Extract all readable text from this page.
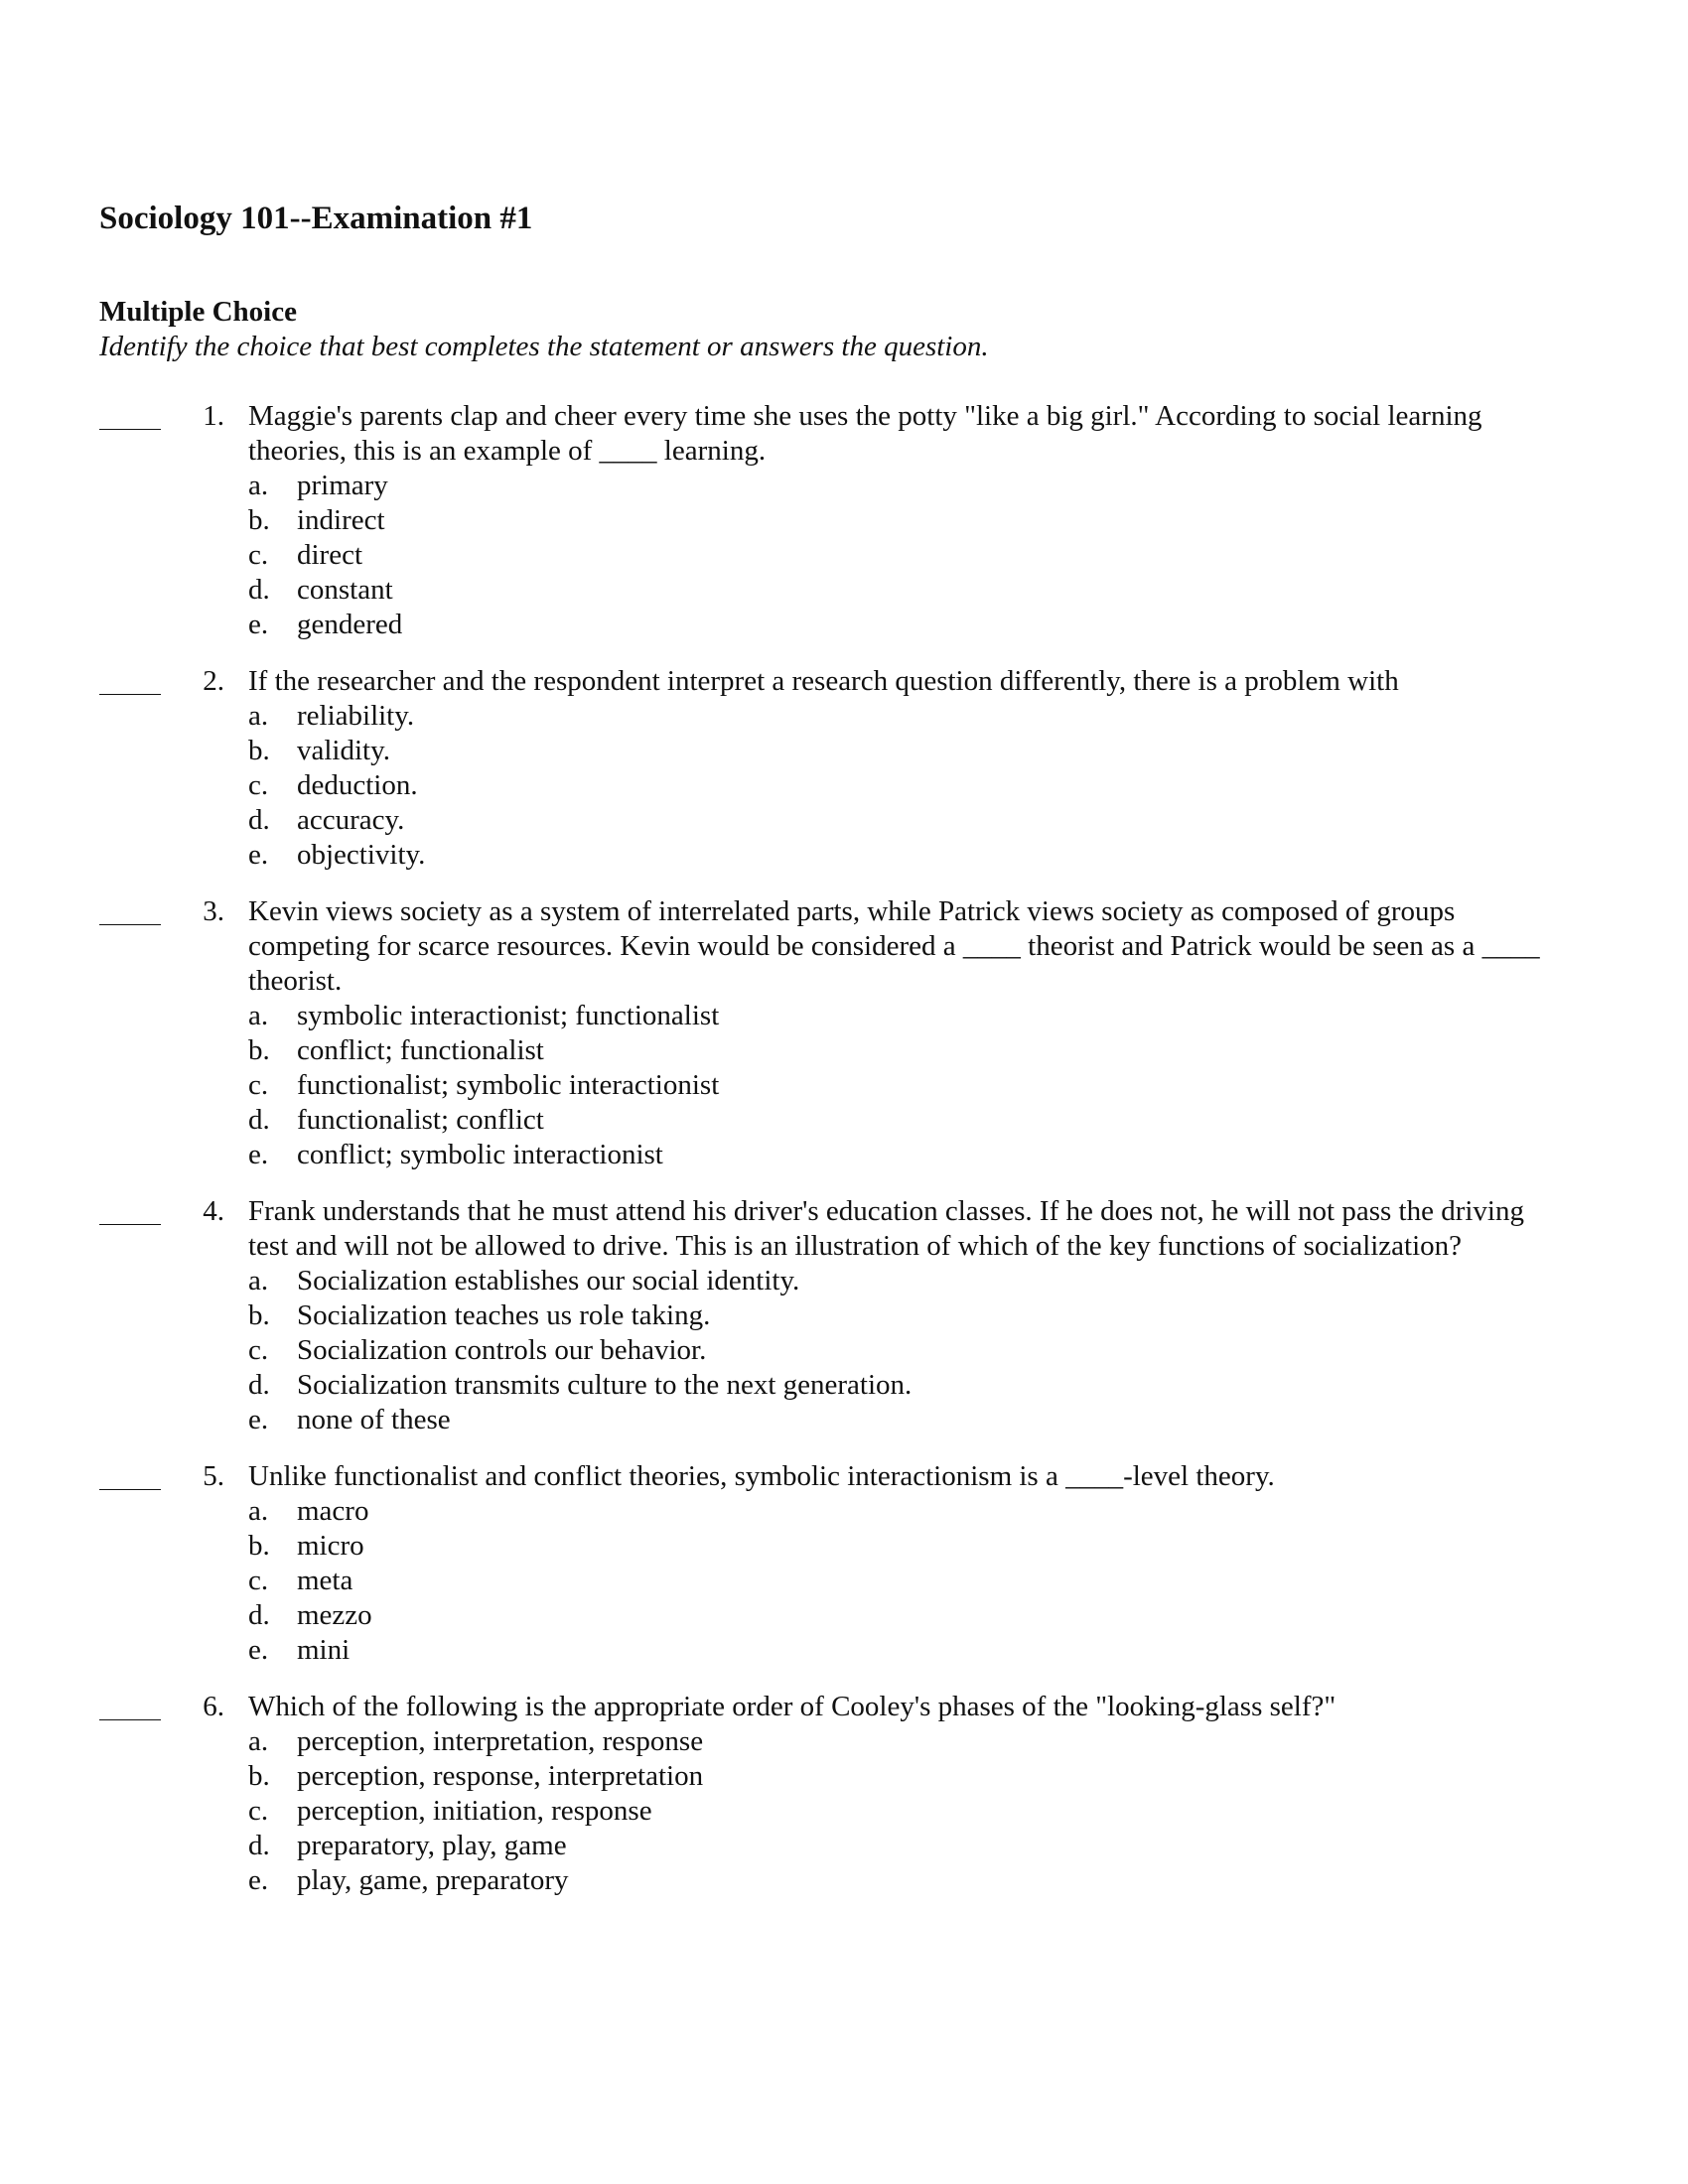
Sociology 101--Examination #1
Multiple Choice
Identify the choice that best completes the statement or answers the question.
1. Maggie's parents clap and cheer every time she uses the potty "like a big girl." According to social learning theories, this is an example of ____ learning.
a. primary
b. indirect
c. direct
d. constant
e. gendered
2. If the researcher and the respondent interpret a research question differently, there is a problem with
a. reliability.
b. validity.
c. deduction.
d. accuracy.
e. objectivity.
3. Kevin views society as a system of interrelated parts, while Patrick views society as composed of groups competing for scarce resources. Kevin would be considered a ____ theorist and Patrick would be seen as a ____ theorist.
a. symbolic interactionist; functionalist
b. conflict; functionalist
c. functionalist; symbolic interactionist
d. functionalist; conflict
e. conflict; symbolic interactionist
4. Frank understands that he must attend his driver's education classes. If he does not, he will not pass the driving test and will not be allowed to drive. This is an illustration of which of the key functions of socialization?
a. Socialization establishes our social identity.
b. Socialization teaches us role taking.
c. Socialization controls our behavior.
d. Socialization transmits culture to the next generation.
e. none of these
5. Unlike functionalist and conflict theories, symbolic interactionism is a ____-level theory.
a. macro
b. micro
c. meta
d. mezzo
e. mini
6. Which of the following is the appropriate order of Cooley's phases of the "looking-glass self?"
a. perception, interpretation, response
b. perception, response, interpretation
c. perception, initiation, response
d. preparatory, play, game
e. play, game, preparatory
